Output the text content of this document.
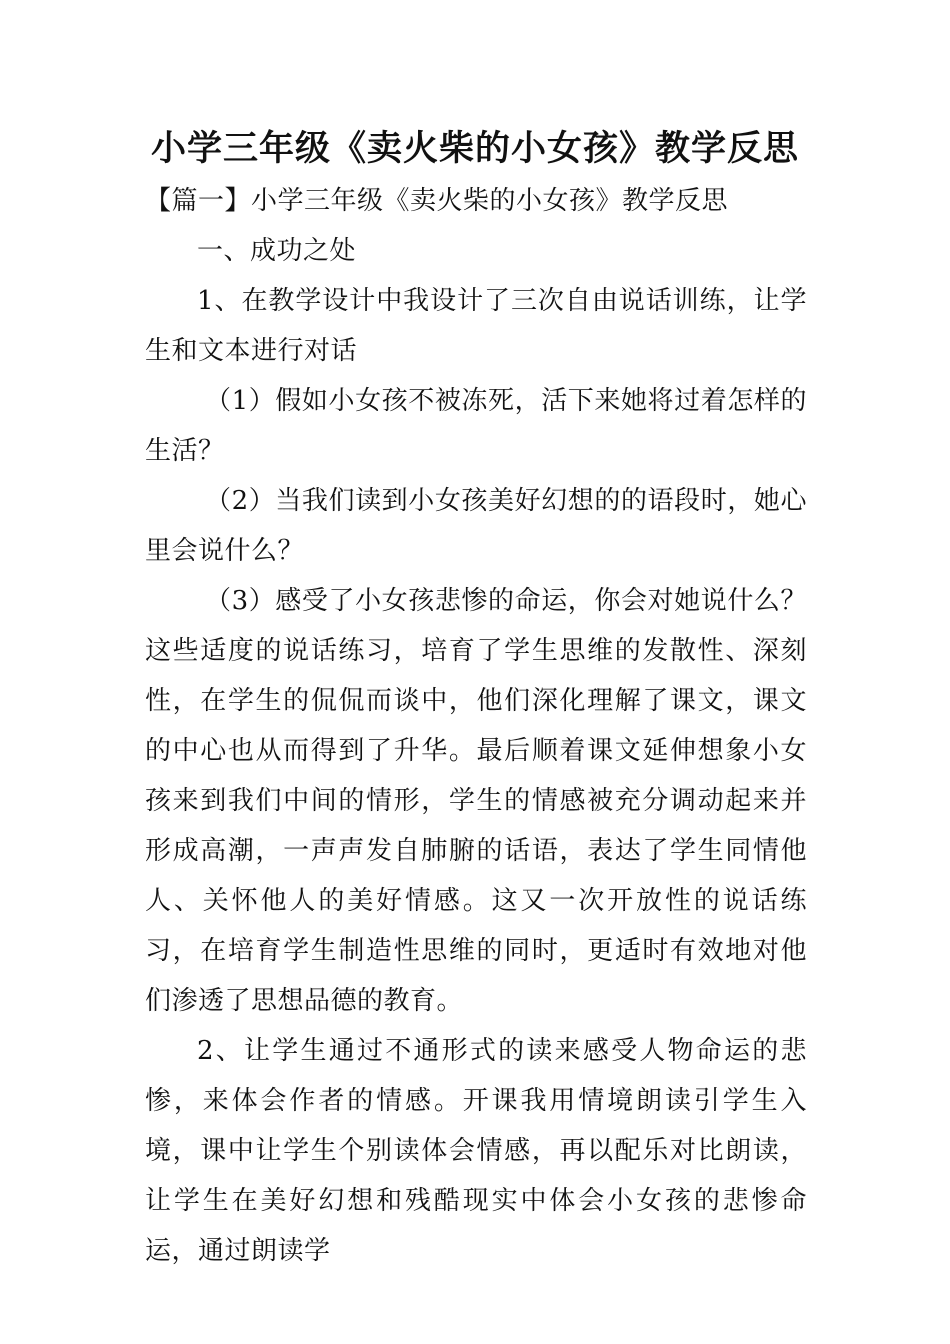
小学三年级《卖火柴的小女孩》教学反思

【篇一】小学三年级《卖火柴的小女孩》教学反思

一、成功之处

1、在教学设计中我设计了三次自由说话训练，让学生和文本进行对话

（1）假如小女孩不被冻死，活下来她将过着怎样的生活？

（2）当我们读到小女孩美好幻想的的语段时，她心里会说什么？

（3）感受了小女孩悲惨的命运，你会对她说什么？这些适度的说话练习，培育了学生思维的发散性、深刻性，在学生的侃侃而谈中，他们深化理解了课文，课文的中心也从而得到了升华。最后顺着课文延伸想象小女孩来到我们中间的情形，学生的情感被充分调动起来并形成高潮，一声声发自肺腑的话语，表达了学生同情他人、关怀他人的美好情感。这又一次开放性的说话练习，在培育学生制造性思维的同时，更适时有效地对他们渗透了思想品德的教育。

2、让学生通过不通形式的读来感受人物命运的悲惨，来体会作者的情感。开课我用情境朗读引学生入境，课中让学生个别读体会情感，再以配乐对比朗读，让学生在美好幻想和残酷现实中体会小女孩的悲惨命运，通过朗读学
